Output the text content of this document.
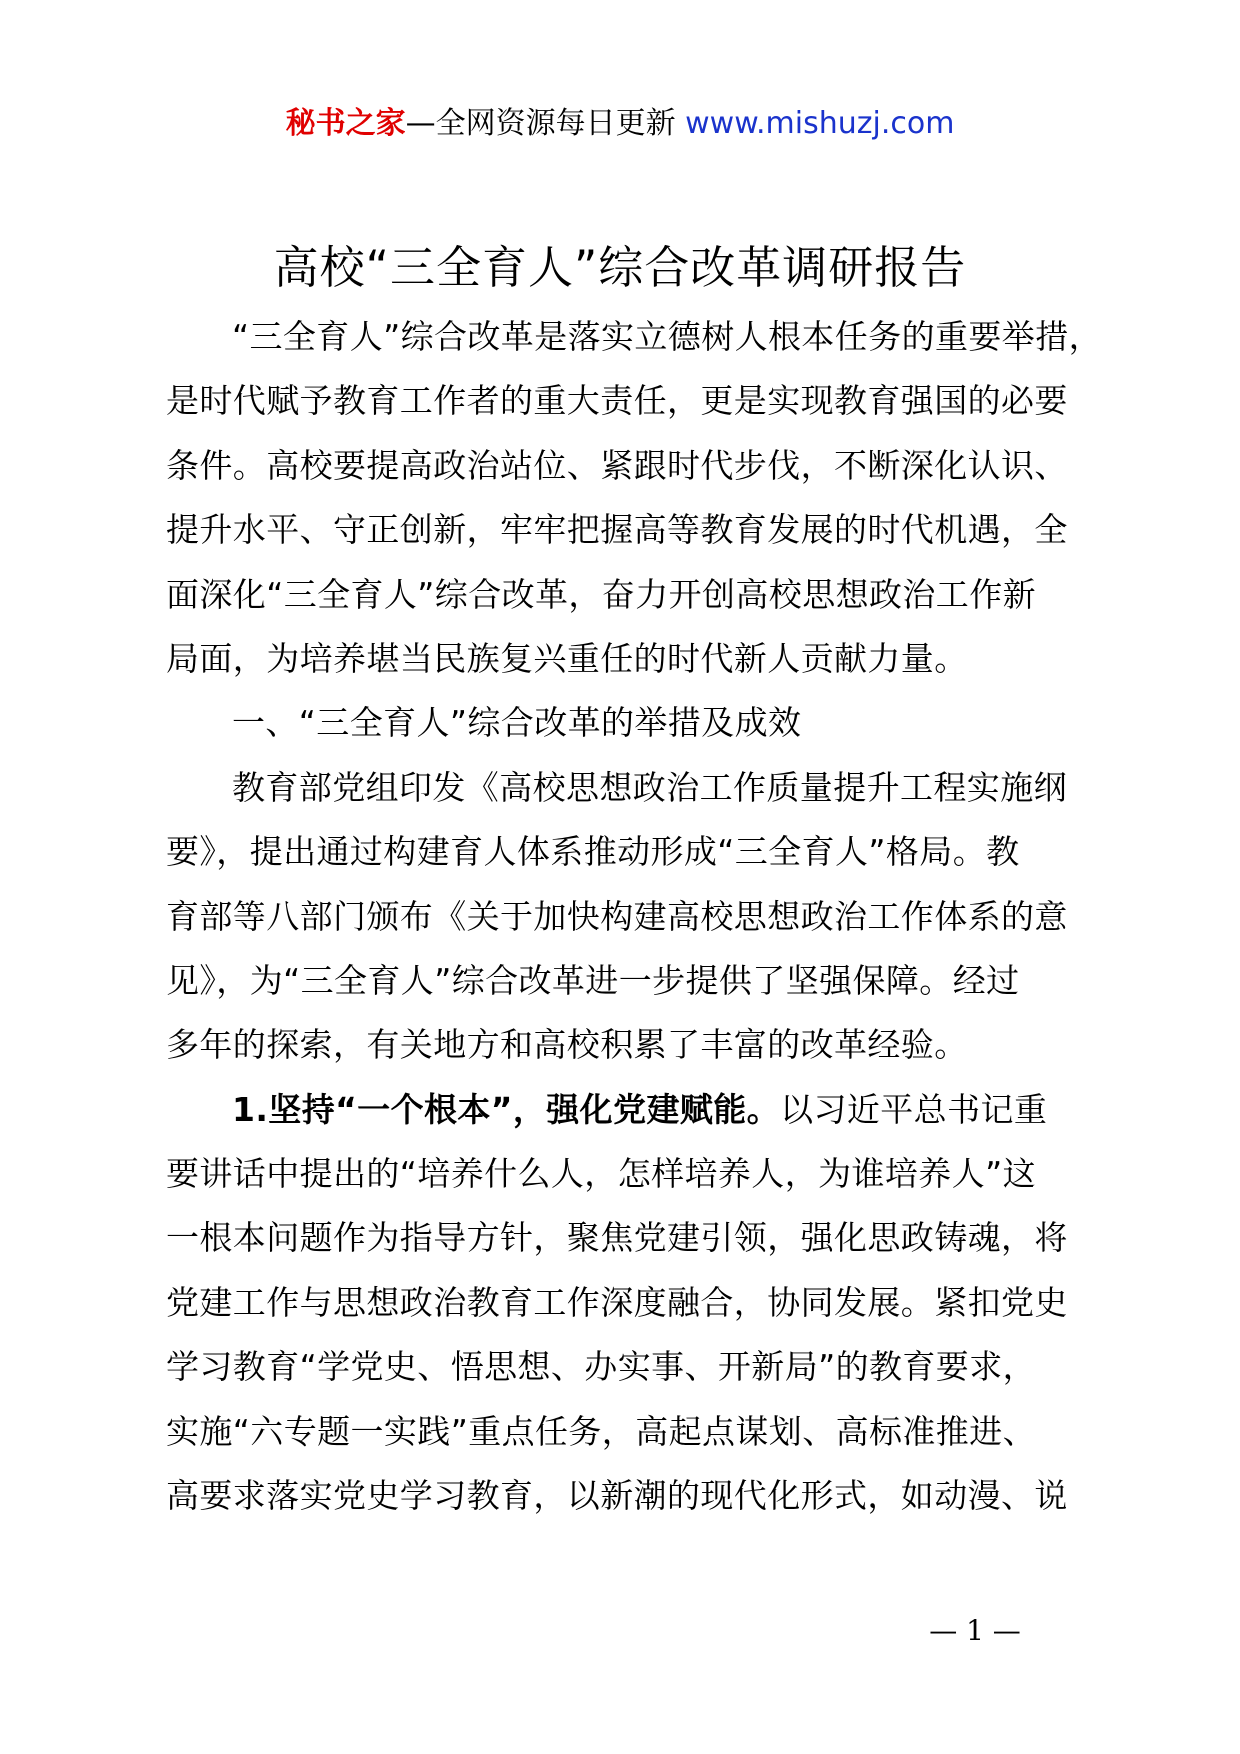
秘书之家—全网资源每日更新 www.mishuzj.com
高校“三全育人”综合改革调研报告
“三全育人”综合改革是落实立德树人根本任务的重要举措，
是时代赋予教育工作者的重大责任，更是实现教育强国的必要
条件。高校要提高政治站位、紧跟时代步伐，不断深化认识、
提升水平、守正创新，牢牢把握高等教育发展的时代机遇，全
面深化“三全育人”综合改革，奋力开创高校思想政治工作新
局面，为培养堪当民族复兴重任的时代新人贡献力量。
一、“三全育人”综合改革的举措及成效
教育部党组印发《高校思想政治工作质量提升工程实施纲
要》，提出通过构建育人体系推动形成“三全育人”格局。教
育部等八部门颁布《关于加快构建高校思想政治工作体系的意
见》，为“三全育人”综合改革进一步提供了坚强保障。经过
多年的探索，有关地方和高校积累了丰富的改革经验。
1.坚持“一个根本”，强化党建赋能。以习近平总书记重
要讲话中提出的“培养什么人，怎样培养人，为谁培养人”这
一根本问题作为指导方针，聚焦党建引领，强化思政铸魂，将
党建工作与思想政治教育工作深度融合，协同发展。紧扣党史
学习教育“学党史、悟思想、办实事、开新局”的教育要求，
实施“六专题一实践”重点任务，高起点谋划、高标准推进、
高要求落实党史学习教育，以新潮的现代化形式，如动漫、说
— 1 —
